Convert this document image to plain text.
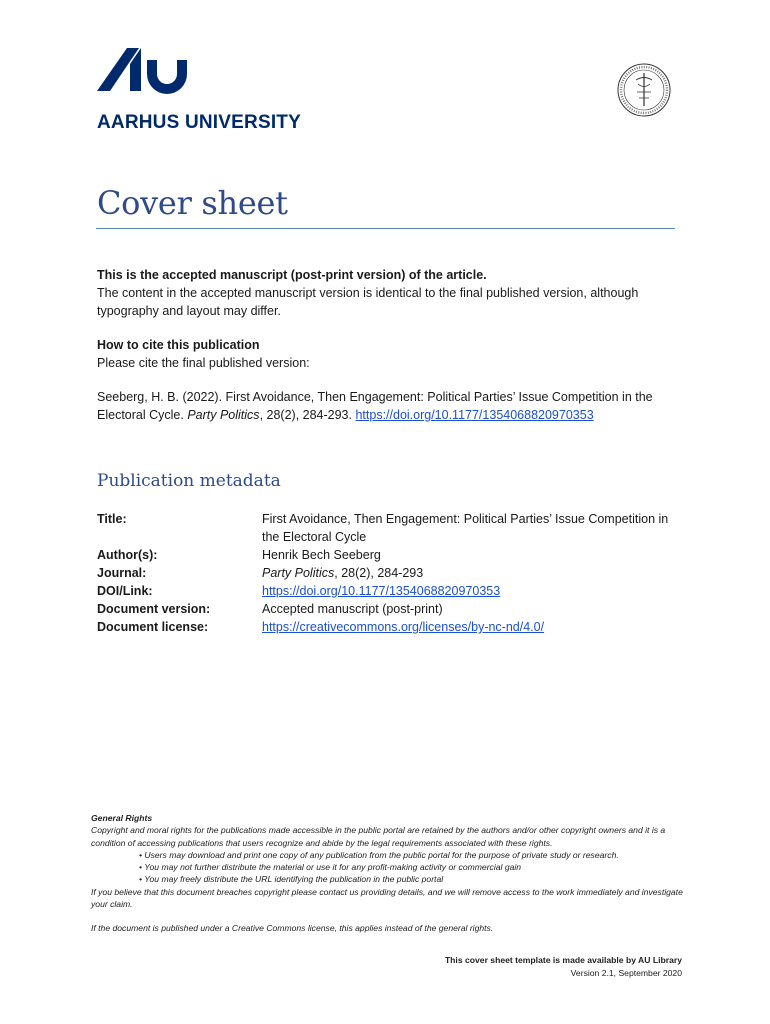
AARHUS UNIVERSITY
Cover sheet
This is the accepted manuscript (post-print version) of the article.
The content in the accepted manuscript version is identical to the final published version, although typography and layout may differ.
How to cite this publication
Please cite the final published version:
Seeberg, H. B. (2022). First Avoidance, Then Engagement: Political Parties’ Issue Competition in the Electoral Cycle. Party Politics, 28(2), 284-293. https://doi.org/10.1177/1354068820970353
Publication metadata
Title:	First Avoidance, Then Engagement: Political Parties’ Issue Competition in the Electoral Cycle
Author(s):	Henrik Bech Seeberg
Journal:	Party Politics, 28(2), 284-293
DOI/Link:	https://doi.org/10.1177/1354068820970353
Document version:	Accepted manuscript (post-print)
Document license:	https://creativecommons.org/licenses/by-nc-nd/4.0/
General Rights
Copyright and moral rights for the publications made accessible in the public portal are retained by the authors and/or other copyright owners and it is a condition of accessing publications that users recognize and abide by the legal requirements associated with these rights.
• Users may download and print one copy of any publication from the public portal for the purpose of private study or research.
• You may not further distribute the material or use it for any profit-making activity or commercial gain
• You may freely distribute the URL identifying the publication in the public portal
If you believe that this document breaches copyright please contact us providing details, and we will remove access to the work immediately and investigate your claim.
If the document is published under a Creative Commons license, this applies instead of the general rights.
This cover sheet template is made available by AU Library
Version 2.1, September 2020
